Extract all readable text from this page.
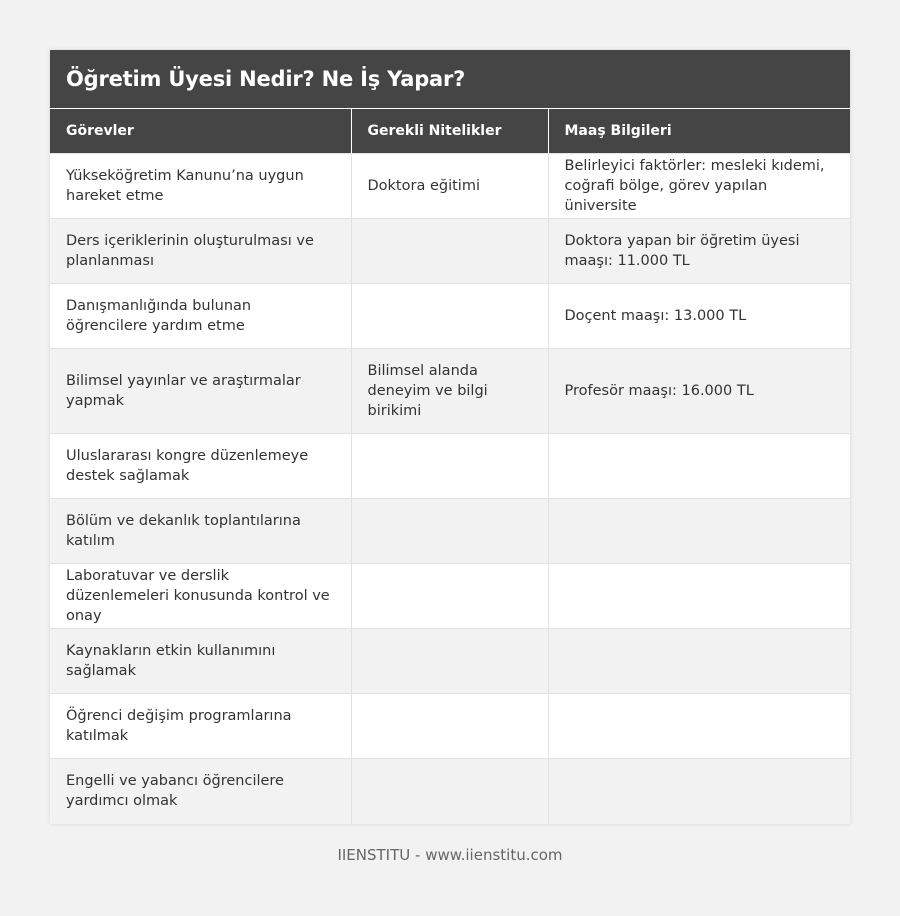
Öğretim Üyesi Nedir? Ne İş Yapar?
Görevler	Gerekli Nitelikler	Maaş Bilgileri
Yükseköğretim Kanunu’na uygun hareket etme	Doktora eğitimi	Belirleyici faktörler: mesleki kıdemi, coğrafi bölge, görev yapılan üniversite
Ders içeriklerinin oluşturulması ve planlanması		Doktora yapan bir öğretim üyesi maaşı: 11.000 TL
Danışmanlığında bulunan öğrencilere yardım etme		Doçent maaşı: 13.000 TL
Bilimsel yayınlar ve araştırmalar yapmak	Bilimsel alanda deneyim ve bilgi birikimi	Profesör maaşı: 16.000 TL
Uluslararası kongre düzenlemeye destek sağlamak		
Bölüm ve dekanlık toplantılarına katılım		
Laboratuvar ve derslik düzenlemeleri konusunda kontrol ve onay		
Kaynakların etkin kullanımını sağlamak		
Öğrenci değişim programlarına katılmak		
Engelli ve yabancı öğrencilere yardımcı olmak		
IIENSTITU - www.iienstitu.com
